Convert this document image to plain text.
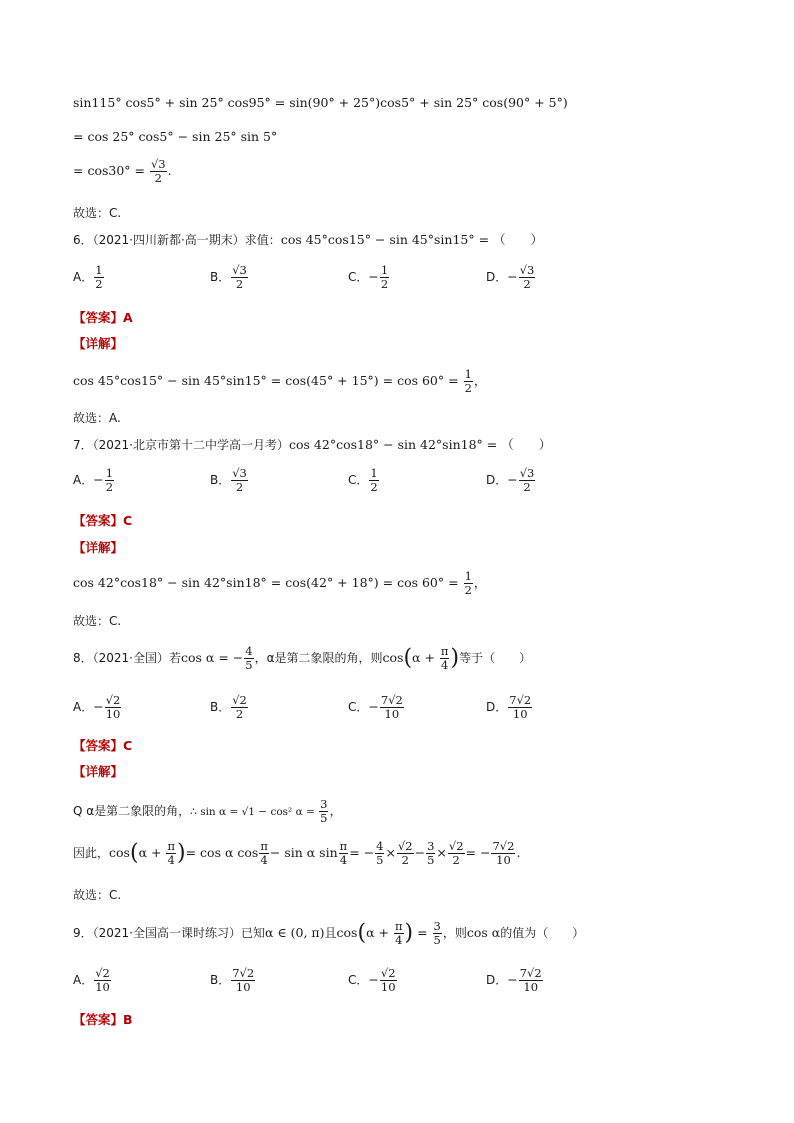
sin115° cos5° + sin 25° cos95° = sin(90° + 25°)cos5° + sin 25° cos(90° + 5°)
= cos 25° cos5° − sin 25° sin 5°
= $\cos 30^\circ = \frac{√3}{2}$ .
故选：C.
6．（2021·四川新都·高一期末）求值：cos 45°cos15° − sin 45°sin15° = （　　）
A． $\frac{1}{2}$	B． $\frac{√3}{2}$	C．− $\frac{1}{2}$	D．− $\frac{√3}{2}$
【答案】A
【详解】
$\cos 45^\circ\cos 15^\circ - \sin 45^\circ\sin 15^\circ = \cos(45^\circ + 15^\circ) = \cos 60^\circ = \frac{1}{2}$ ，
故选：A.
7．（2021·北京市第十二中学高一月考）cos 42°cos18° − sin 42°sin18° = （　　）
A．− $\frac{1}{2}$	B． $\frac{√3}{2}$	C． $\frac{1}{2}$	D．− $\frac{√3}{2}$
【答案】C
【详解】
$\cos 42^\circ\cos 18^\circ - \sin 42^\circ\sin 18^\circ = \cos(42^\circ + 18^\circ) = \cos 60^\circ = \frac{1}{2}$ ，
故选：C.
8．（2021·全国）若cos α = − $\frac{4}{5}$ ，α是第二象限的角，则$\cos(\alpha + \frac{\pi}{4}$ )等于（　　）
A．− $\frac{√2}{10}$	B． $\frac{√2}{2}$	C．− $\frac{7√2}{10}$	D． $\frac{7√2}{10}$
【答案】C
【详解】
Q α是第二象限的角，∴ sin α = √1 − cos² $\alpha = \frac{3}{5}$ ，
因此，$\cos(\alpha + \frac{\pi}{4}$ )= cos α $\cos \frac{\pi}{4} - \sin \alpha$ $\sin \frac{\pi}{4}$ = − $\frac{4}{5} \times \frac{√2}{2} - \frac{3}{5} \times \frac{√2}{2}$ = − $\frac{7√2}{10}$ .
故选：C.
9．（2021·全国高一课时练习）已知α ∈ (0, π)且$\cos(\alpha + \frac{\pi}{4}$ ) = $\frac{3}{5}$ ，则cos α的值为（　　）
A． $\frac{√2}{10}$	B． $\frac{7√2}{10}$	C．− $\frac{√2}{10}$	D．− $\frac{7√2}{10}$
【答案】B
